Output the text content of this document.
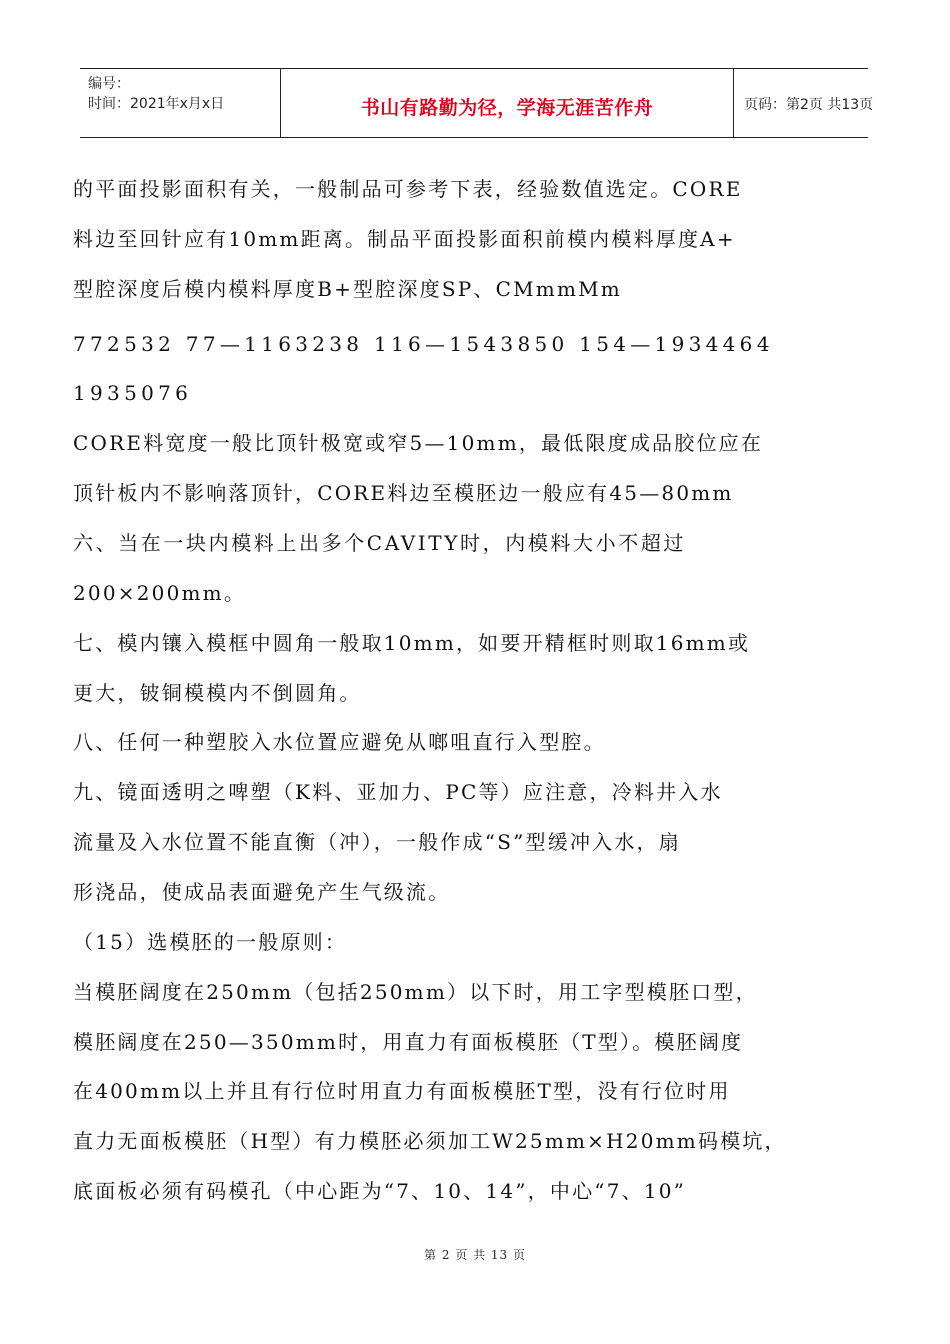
编号：
时间：2021年x月x日	书山有路勤为径，学海无涯苦作舟	页码：第2页 共13页
的平面投影面积有关，一般制品可参考下表，经验数值选定。CORE
料边至回针应有10mm距离。制品平面投影面积前模内模料厚度A+
型腔深度后模内模料厚度B+型腔深度SP、CMmmMm
772532 77—1163238 116—1543850 154—1934464
1935076
CORE料宽度一般比顶针极宽或窄5—10mm，最低限度成品胶位应在
顶针板内不影响落顶针，CORE料边至模胚边一般应有45—80mm
六、当在一块内模料上出多个CAVITY时，内模料大小不超过
200×200mm。
七、模内镶入模框中圆角一般取10mm，如要开精框时则取16mm或
更大，铍铜模模内不倒圆角。
八、任何一种塑胶入水位置应避免从啷咀直行入型腔。
九、镜面透明之啤塑（K料、亚加力、PC等）应注意，冷料井入水
流量及入水位置不能直衡（冲），一般作成“S”型缓冲入水，扇
形浇品，使成品表面避免产生气级流。
（15）选模胚的一般原则：
当模胚阔度在250mm（包括250mm）以下时，用工字型模胚口型，
模胚阔度在250—350mm时，用直力有面板模胚（T型）。模胚阔度
在400mm以上并且有行位时用直力有面板模胚T型，没有行位时用
直力无面板模胚（H型）有力模胚必须加工W25mm×H20mm码模坑，
底面板必须有码模孔（中心距为“7、10、14”，中心“7、10”
第 2 页 共 13 页
